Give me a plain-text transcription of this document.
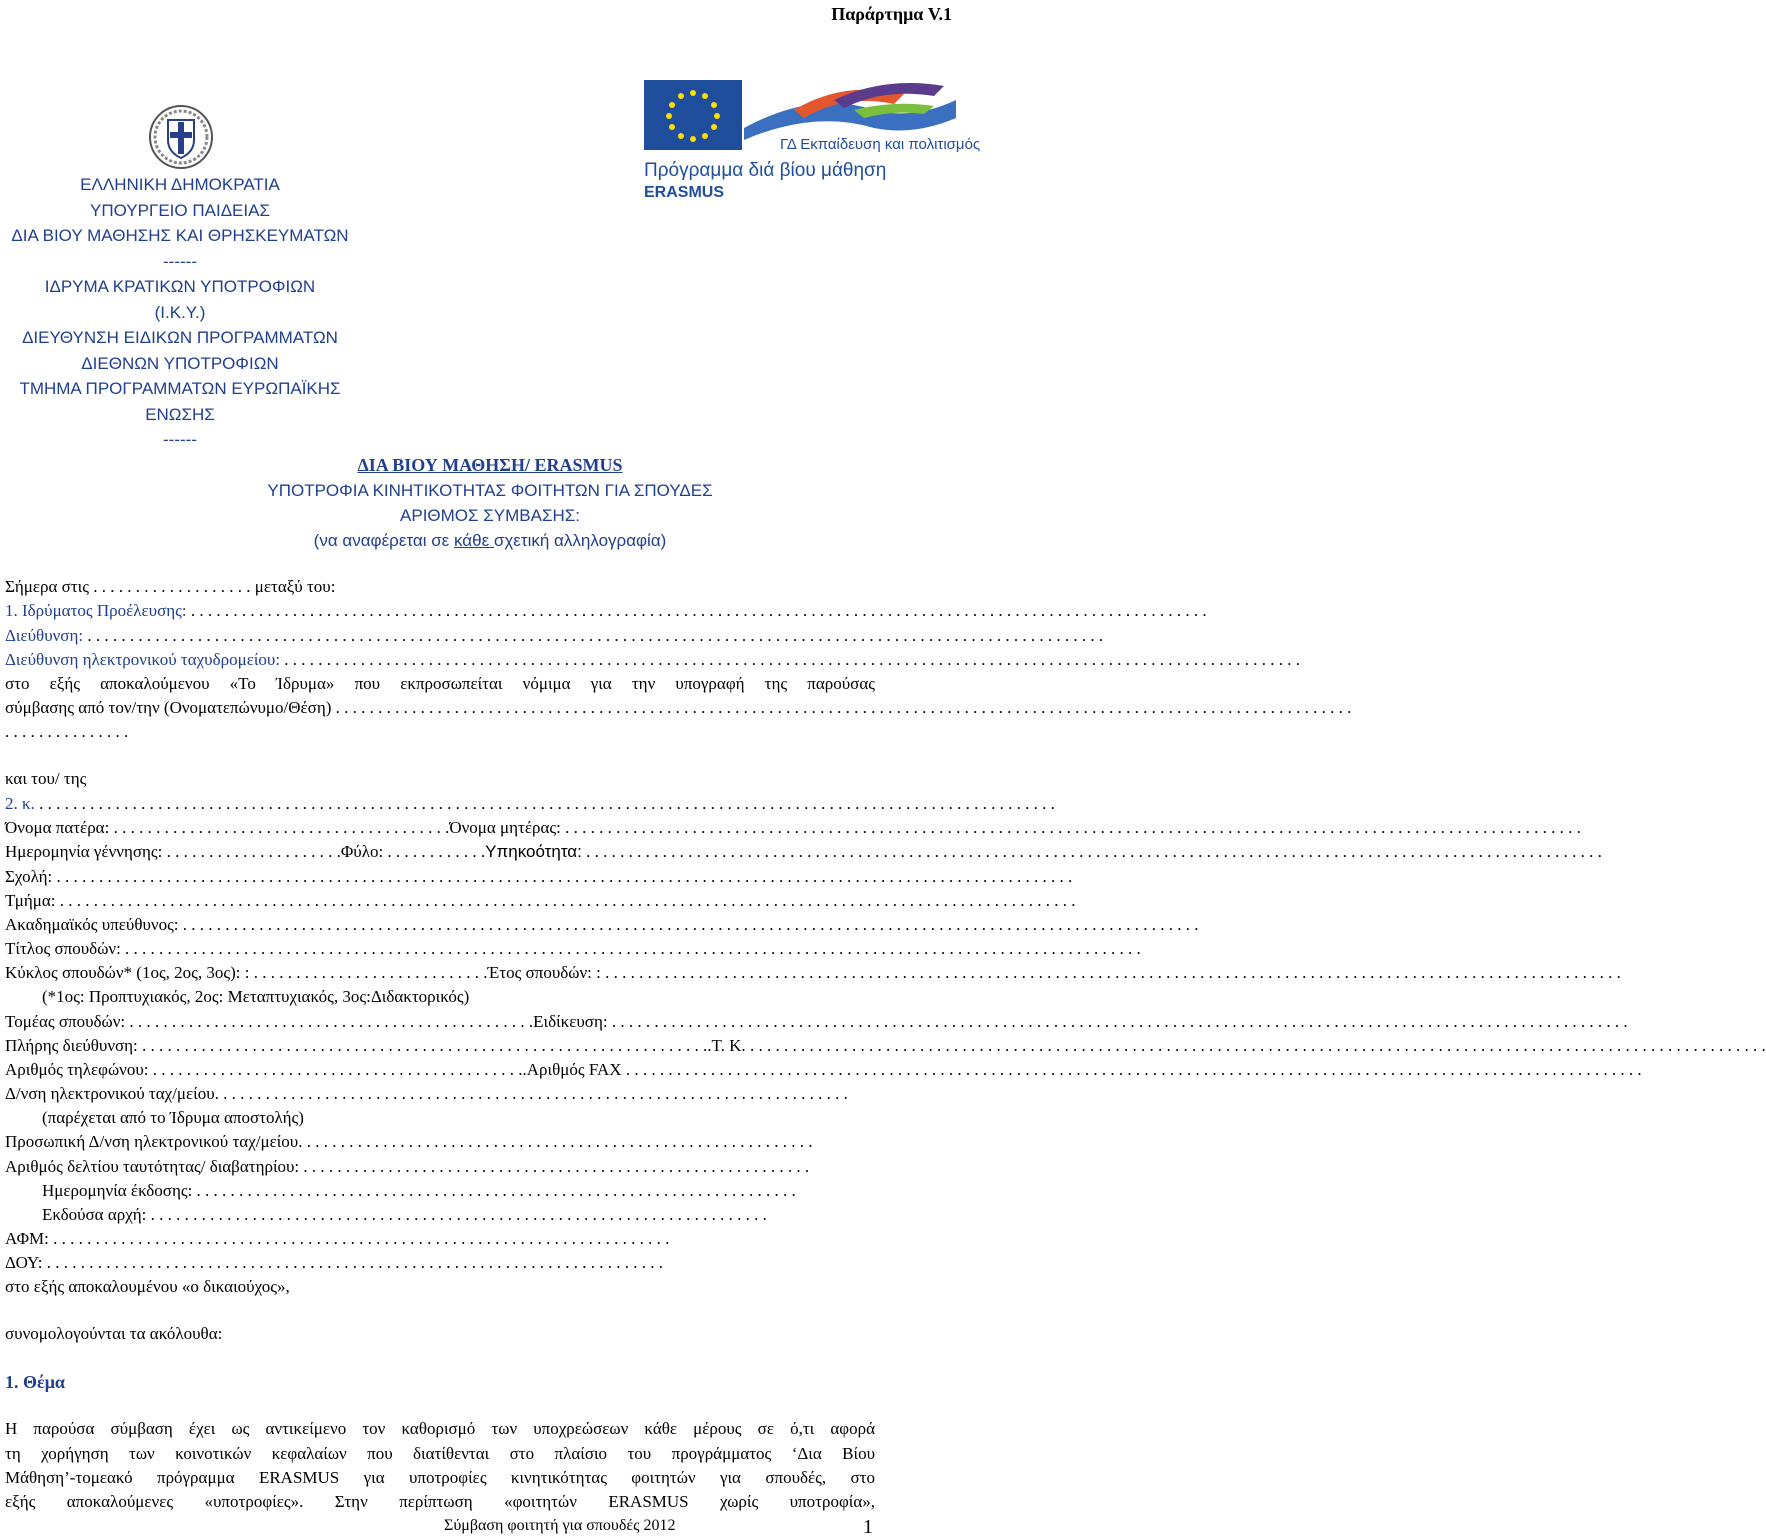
Παράρτημα V.1
ΕΛΛΗΝΙΚΗ ΔΗΜΟΚΡΑΤΙΑ
ΥΠΟΥΡΓΕΙΟ ΠΑΙΔΕΙΑΣ
ΔΙΑ ΒΙΟΥ ΜΑΘΗΣΗΣ ΚΑΙ ΘΡΗΣΚΕΥΜΑΤΩΝ
------
ΙΔΡΥΜΑ ΚΡΑΤΙΚΩΝ ΥΠΟΤΡΟΦΙΩΝ
(Ι.Κ.Υ.)
ΔΙΕΥΘΥΝΣΗ ΕΙΔΙΚΩΝ ΠΡΟΓΡΑΜΜΑΤΩΝ
ΔΙΕΘΝΩΝ ΥΠΟΤΡΟΦΙΩΝ
ΤΜΗΜΑ ΠΡΟΓΡΑΜΜΑΤΩΝ ΕΥΡΩΠΑΪΚΗΣ
ΕΝΩΣΗΣ
------
ΓΔ Εκπαίδευση και πολιτισμός
Πρόγραμμα διά βίου μάθηση
ERASMUS
ΔΙΑ ΒΙΟΥ ΜΑΘΗΣΗ/ ERASMUS
ΥΠΟΤΡΟΦΙΑ ΚΙΝΗΤΙΚΟΤΗΤΑΣ ΦΟΙΤΗΤΩΝ ΓΙΑ ΣΠΟΥΔΕΣ
ΑΡΙΘΜΟΣ ΣΥΜΒΑΣΗΣ:
(να αναφέρεται σε κάθε σχετική αλληλογραφία)
Σήμερα στις . . . . . . . . . . . . . . . . . . . μεταξύ του:
1. Ιδρύματος Προέλευσης: . . . . . . . . . . . . . . . . . . . . . . . . . . . . . . . . . . . . . . . . . . . . . . . . . . . . . . . . . . . . . . . . . . . . . . . . . . . . . . . . . . . . . . . . . . . . . . . . . . . . . . . . . . . . . . . . . . . . . . . .
Διεύθυνση: . . . . . . . . . . . . . . . . . . . . . . . . . . . . . . . . . . . . . . . . . . . . . . . . . . . . . . . . . . . . . . . . . . . . . . . . . . . . . . . . . . . . . . . . . . . . . . . . . . . . . . . . . . . . . . . . . . . . . . . .
Διεύθυνση ηλεκτρονικού ταχυδρομείου: . . . . . . . . . . . . . . . . . . . . . . . . . . . . . . . . . . . . . . . . . . . . . . . . . . . . . . . . . . . . . . . . . . . . . . . . . . . . . . . . . . . . . . . . . . . . . . . . . . . . . . . . . . . . . . . . . . . . . . . .
στο εξής αποκαλούμενου «Το Ίδρυμα» που εκπροσωπείται νόμιμα για την υπογραφή της παρούσας
σύμβασης από τον/την (Ονοματεπώνυμο/Θέση) . . . . . . . . . . . . . . . . . . . . . . . . . . . . . . . . . . . . . . . . . . . . . . . . . . . . . . . . . . . . . . . . . . . . . . . . . . . . . . . . . . . . . . . . . . . . . . . . . . . . . . . . . . . . . . . . . . . . . . . .
. . . . . . . . . . . . . . .
και του/ της
2. κ. . . . . . . . . . . . . . . . . . . . . . . . . . . . . . . . . . . . . . . . . . . . . . . . . . . . . . . . . . . . . . . . . . . . . . . . . . . . . . . . . . . . . . . . . . . . . . . . . . . . . . . . . . . . . . . . . . . . . . . . .
Όνομα πατέρα: . . . . . . . . . . . . . . . . . . . . . . . . . . . . . . . . . . . . . . . .Όνομα μητέρας: . . . . . . . . . . . . . . . . . . . . . . . . . . . . . . . . . . . . . . . . . . . . . . . . . . . . . . . . . . . . . . . . . . . . . . . . . . . . . . . . . . . . . . . . . . . . . . . . . . . . . . . . . . . . . . . . . . . . . . . .
Ημερομηνία γέννησης: . . . . . . . . . . . . . . . . . . . . .Φύλο: . . . . . . . . . . . .Υπηκοότητα: . . . . . . . . . . . . . . . . . . . . . . . . . . . . . . . . . . . . . . . . . . . . . . . . . . . . . . . . . . . . . . . . . . . . . . . . . . . . . . . . . . . . . . . . . . . . . . . . . . . . . . . . . . . . . . . . . . . . . . . .
Σχολή: . . . . . . . . . . . . . . . . . . . . . . . . . . . . . . . . . . . . . . . . . . . . . . . . . . . . . . . . . . . . . . . . . . . . . . . . . . . . . . . . . . . . . . . . . . . . . . . . . . . . . . . . . . . . . . . . . . . . . . . .
Τμήμα: . . . . . . . . . . . . . . . . . . . . . . . . . . . . . . . . . . . . . . . . . . . . . . . . . . . . . . . . . . . . . . . . . . . . . . . . . . . . . . . . . . . . . . . . . . . . . . . . . . . . . . . . . . . . . . . . . . . . . . . .
Ακαδημαϊκός υπεύθυνος: . . . . . . . . . . . . . . . . . . . . . . . . . . . . . . . . . . . . . . . . . . . . . . . . . . . . . . . . . . . . . . . . . . . . . . . . . . . . . . . . . . . . . . . . . . . . . . . . . . . . . . . . . . . . . . . . . . . . . . . .
Τίτλος σπουδών: . . . . . . . . . . . . . . . . . . . . . . . . . . . . . . . . . . . . . . . . . . . . . . . . . . . . . . . . . . . . . . . . . . . . . . . . . . . . . . . . . . . . . . . . . . . . . . . . . . . . . . . . . . . . . . . . . . . . . . . .
Κύκλος σπουδών* (1ος, 2ος, 3ος): : . . . . . . . . . . . . . . . . . . . . . . . . . . . .Έτος σπουδών: : . . . . . . . . . . . . . . . . . . . . . . . . . . . . . . . . . . . . . . . . . . . . . . . . . . . . . . . . . . . . . . . . . . . . . . . . . . . . . . . . . . . . . . . . . . . . . . . . . . . . . . . . . . . . . . . . . . . . . . . .
(*1ος: Προπτυχιακός, 2ος: Μεταπτυχιακός, 3ος:Διδακτορικός)
Τομέας σπουδών: . . . . . . . . . . . . . . . . . . . . . . . . . . . . . . . . . . . . . . . . . . . . . . . .Ειδίκευση: . . . . . . . . . . . . . . . . . . . . . . . . . . . . . . . . . . . . . . . . . . . . . . . . . . . . . . . . . . . . . . . . . . . . . . . . . . . . . . . . . . . . . . . . . . . . . . . . . . . . . . . . . . . . . . . . . . . . . . . .
Πλήρης διεύθυνση: . . . . . . . . . . . . . . . . . . . . . . . . . . . . . . . . . . . . . . . . . . . . . . . . . . . . . . . . . . . . . . . . . . ..Τ. Κ. . . . . . . . . . . . . . . . . . . . . . . . . . . . . . . . . . . . . . . . . . . . . . . . . . . . . . . . . . . . . . . . . . . . . . . . . . . . . . . . . . . . . . . . . . . . . . . . . . . . . . . . . . . . . . . . . . . . . . . . .
Αριθμός τηλεφώνου: . . . . . . . . . . . . . . . . . . . . . . . . . . . . . . . . . . . . . . . . . . . ..Αριθμός FAX . . . . . . . . . . . . . . . . . . . . . . . . . . . . . . . . . . . . . . . . . . . . . . . . . . . . . . . . . . . . . . . . . . . . . . . . . . . . . . . . . . . . . . . . . . . . . . . . . . . . . . . . . . . . . . . . . . . . . . . .
Δ/νση ηλεκτρονικού ταχ/μείου. . . . . . . . . . . . . . . . . . . . . . . . . . . . . . . . . . . . . . . . . . . . . . . . . . . . . . . . . . . . . . . . . . . . . . . . . . .
(παρέχεται από το Ίδρυμα αποστολής)
Προσωπική Δ/νση ηλεκτρονικού ταχ/μείου. . . . . . . . . . . . . . . . . . . . . . . . . . . . . . . . . . . . . . . . . . . . . . . . . . . . . . . . . . . . .
Αριθμός δελτίου ταυτότητας/ διαβατηρίου: . . . . . . . . . . . . . . . . . . . . . . . . . . . . . . . . . . . . . . . . . . . . . . . . . . . . . . . . . . . .
Ημερομηνία έκδοσης: . . . . . . . . . . . . . . . . . . . . . . . . . . . . . . . . . . . . . . . . . . . . . . . . . . . . . . . . . . . . . . . . . . . . . . .
Εκδούσα αρχή: . . . . . . . . . . . . . . . . . . . . . . . . . . . . . . . . . . . . . . . . . . . . . . . . . . . . . . . . . . . . . . . . . . . . . . . . .
ΑΦΜ: . . . . . . . . . . . . . . . . . . . . . . . . . . . . . . . . . . . . . . . . . . . . . . . . . . . . . . . . . . . . . . . . . . . . . . . . .
ΔΟΥ: . . . . . . . . . . . . . . . . . . . . . . . . . . . . . . . . . . . . . . . . . . . . . . . . . . . . . . . . . . . . . . . . . . . . . . . . .
στο εξής αποκαλουμένου «ο δικαιούχος»,
συνομολογούνται τα ακόλουθα:
1. Θέμα
Η παρούσα σύμβαση έχει ως αντικείμενο τον καθορισμό των υποχρεώσεων κάθε μέρους σε ό,τι αφορά
τη χορήγηση των κοινοτικών κεφαλαίων που διατίθενται στο πλαίσιο του προγράμματος ‘Δια Βίου
Μάθηση’-τομεακό πρόγραμμα ERASMUS για υποτροφίες κινητικότητας φοιτητών για σπουδές, στο
εξής αποκαλούμενες «υποτροφίες». Στην περίπτωση «φοιτητών ERASMUS χωρίς υποτροφία»,
Σύμβαση φοιτητή για σπουδές 2012	1
